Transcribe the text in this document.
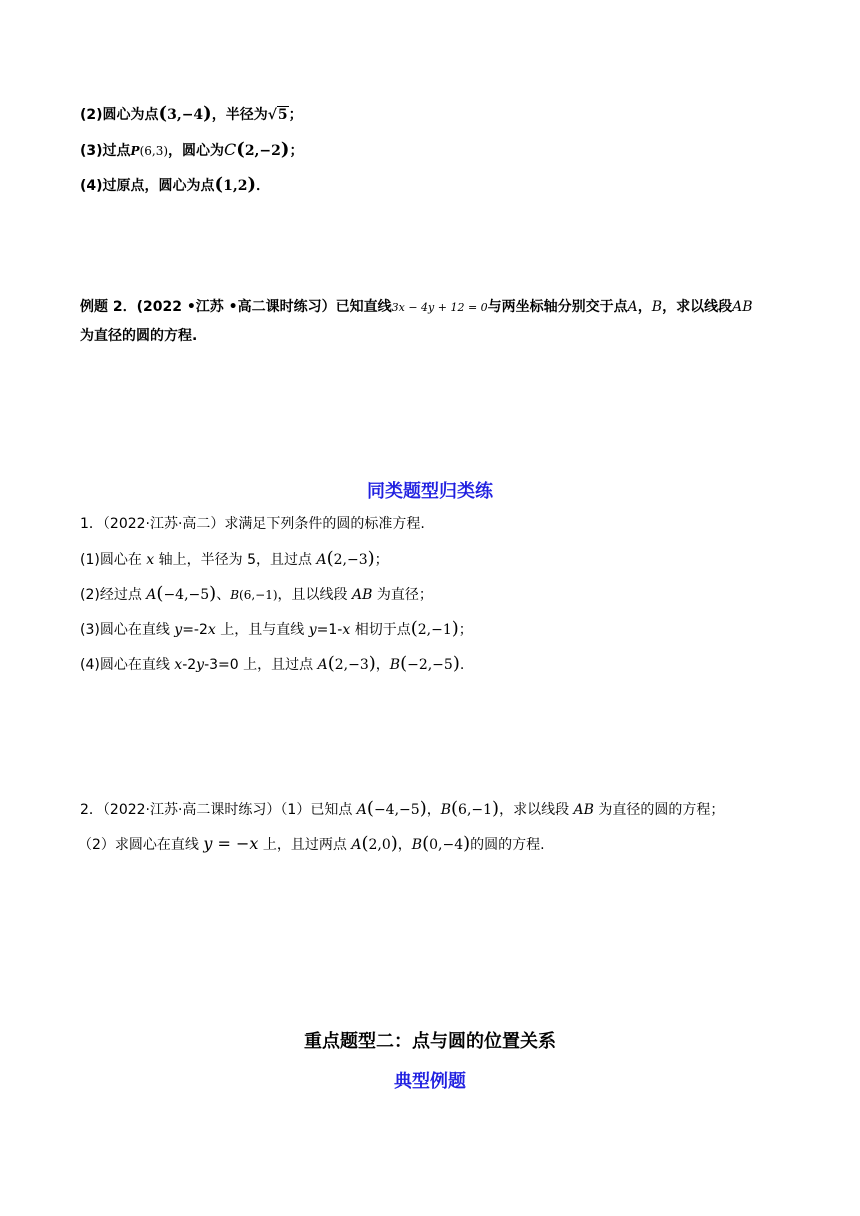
(2)圆心为点(3,−4)，半径为√5；
(3)过点P(6,3)，圆心为C(2,−2)；
(4)过原点，圆心为点(1,2)．
例题 2．(2022 •江苏 •高二课时练习）已知直线3x − 4y + 12 = 0与两坐标轴分别交于点A，B，求以线段AB
为直径的圆的方程.
同类题型归类练
1．（2022·江苏·高二）求满足下列条件的圆的标准方程.
(1)圆心在 x 轴上，半径为 5，且过点 A(2,−3)；
(2)经过点 A(−4,−5)、B(6,−1)，且以线段 AB 为直径；
(3)圆心在直线 y=-2x 上，且与直线 y=1-x 相切于点(2,−1)；
(4)圆心在直线 x-2y-3=0 上，且过点 A(2,−3)，B(−2,−5).
2．（2022·江苏·高二课时练习）（1）已知点 A(−4,−5)，B(6,−1)，求以线段 AB 为直径的圆的方程；
（2）求圆心在直线 y = −x 上，且过两点 A(2,0)，B(0,−4)的圆的方程.
重点题型二：点与圆的位置关系
典型例题
